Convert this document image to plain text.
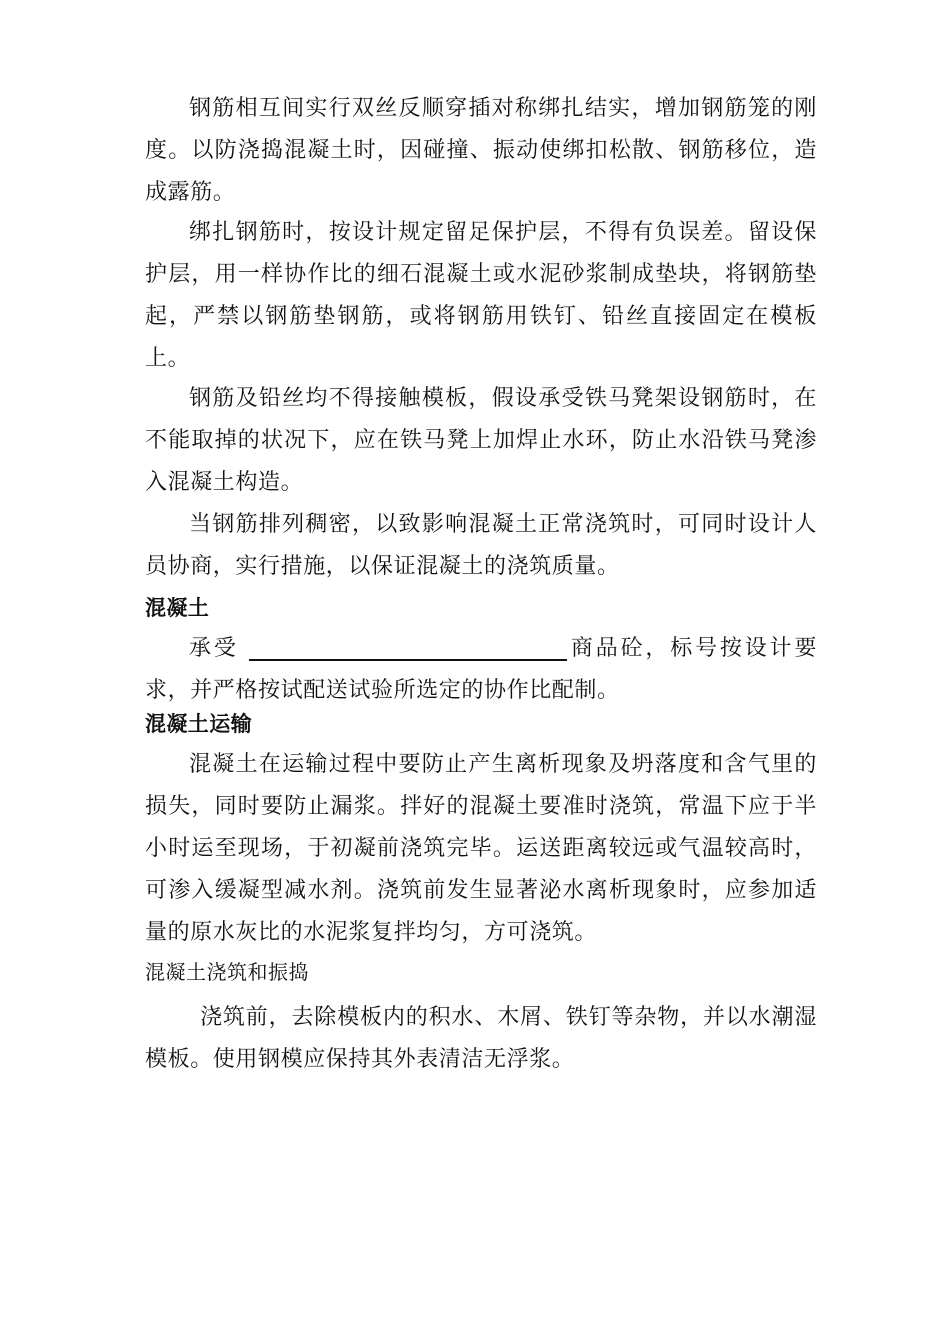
钢筋相互间实行双丝反顺穿插对称绑扎结实，增加钢筋笼的刚度。以防浇捣混凝土时，因碰撞、振动使绑扣松散、钢筋移位，造成露筋。

绑扎钢筋时，按设计规定留足保护层，不得有负误差。留设保护层，用一样协作比的细石混凝土或水泥砂浆制成垫块，将钢筋垫起，严禁以钢筋垫钢筋，或将钢筋用铁钉、铅丝直接固定在模板上。

钢筋及铅丝均不得接触模板，假设承受铁马凳架设钢筋时，在不能取掉的状况下，应在铁马凳上加焊止水环，防止水沿铁马凳渗入混凝土构造。

当钢筋排列稠密，以致影响混凝土正常浇筑时，可同时设计人员协商，实行措施，以保证混凝土的浇筑质量。

混凝土

承受	商品砼，标号按设计要求，并严格按试配送试验所选定的协作比配制。

混凝土运输

混凝土在运输过程中要防止产生离析现象及坍落度和含气里的损失，同时要防止漏浆。拌好的混凝土要准时浇筑，常温下应于半小时运至现场，于初凝前浇筑完毕。运送距离较远或气温较高时，可渗入缓凝型减水剂。浇筑前发生显著泌水离析现象时，应参加适量的原水灰比的水泥浆复拌均匀，方可浇筑。

混凝土浇筑和振捣

浇筑前，去除模板内的积水、木屑、铁钉等杂物，并以水潮湿模板。使用钢模应保持其外表清洁无浮浆。
